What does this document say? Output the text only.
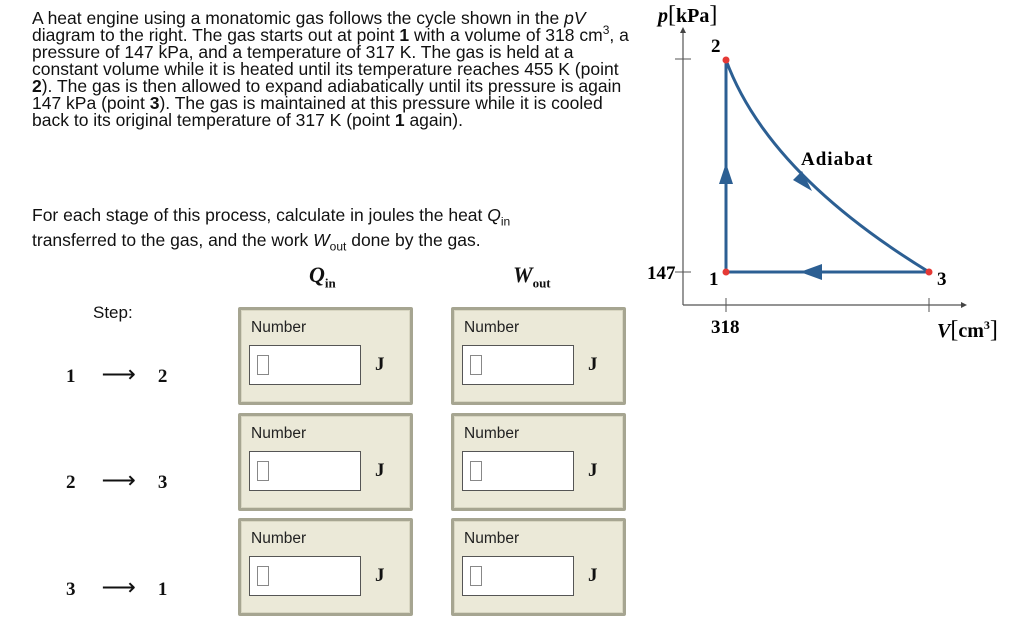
A heat engine using a monatomic gas follows the cycle shown in the pV diagram to the right. The gas starts out at point 1 with a volume of 318 $cm^3$, a pressure of 147 kPa, and a temperature of 317 K. The gas is held at a constant volume while it is heated until its temperature reaches 455 K (point 2). The gas is then allowed to expand adiabatically until its pressure is again 147 kPa (point 3). The gas is maintained at this pressure while it is cooled back to its original temperature of 317 K (point 1 again).

For each stage of this process, calculate in joules the heat $Q_{in}$
transferred to the gas, and the work $W_{out}$ done by the gas.

$Q_{in}$	$W_{out}$
Step:
1 ⟶ 2
2 ⟶ 3
3 ⟶ 1
Number
J
Number
J
Number
J
Number
J
Number
J
Number
J
p[kPa]
$V[cm^3]$
318
147 1
2
3
Adiabat
